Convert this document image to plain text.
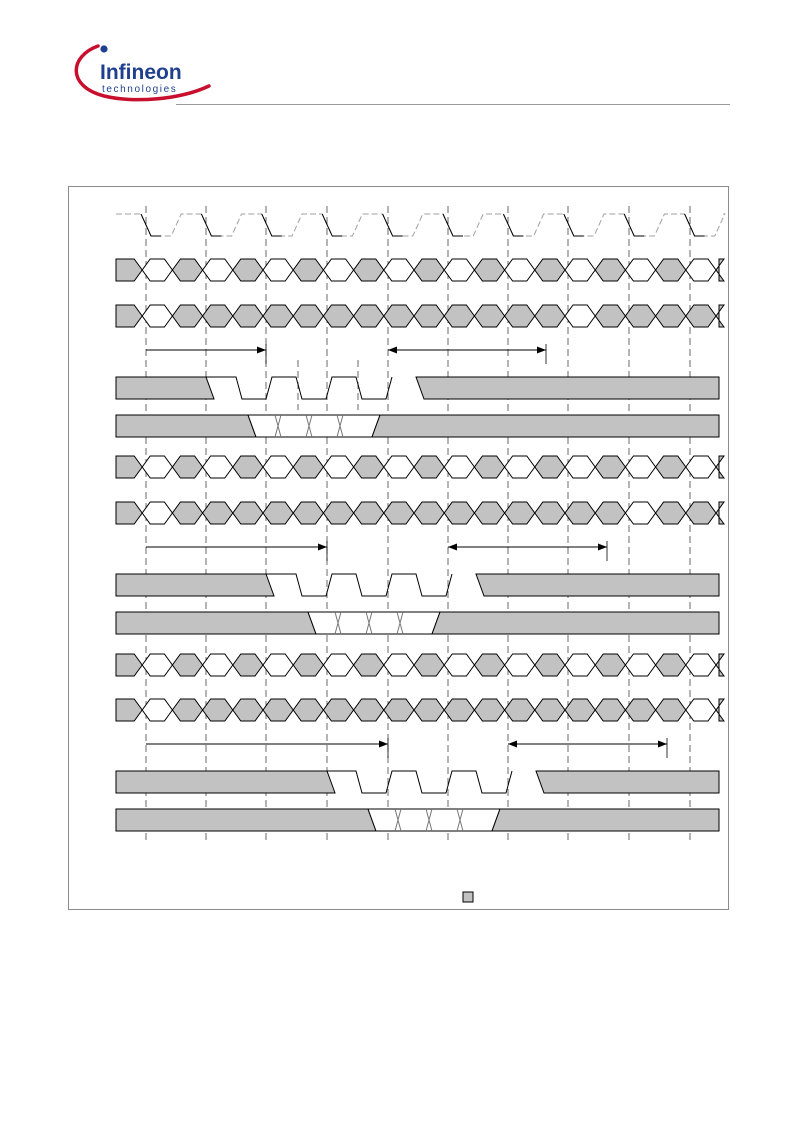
Infineon
technologies
